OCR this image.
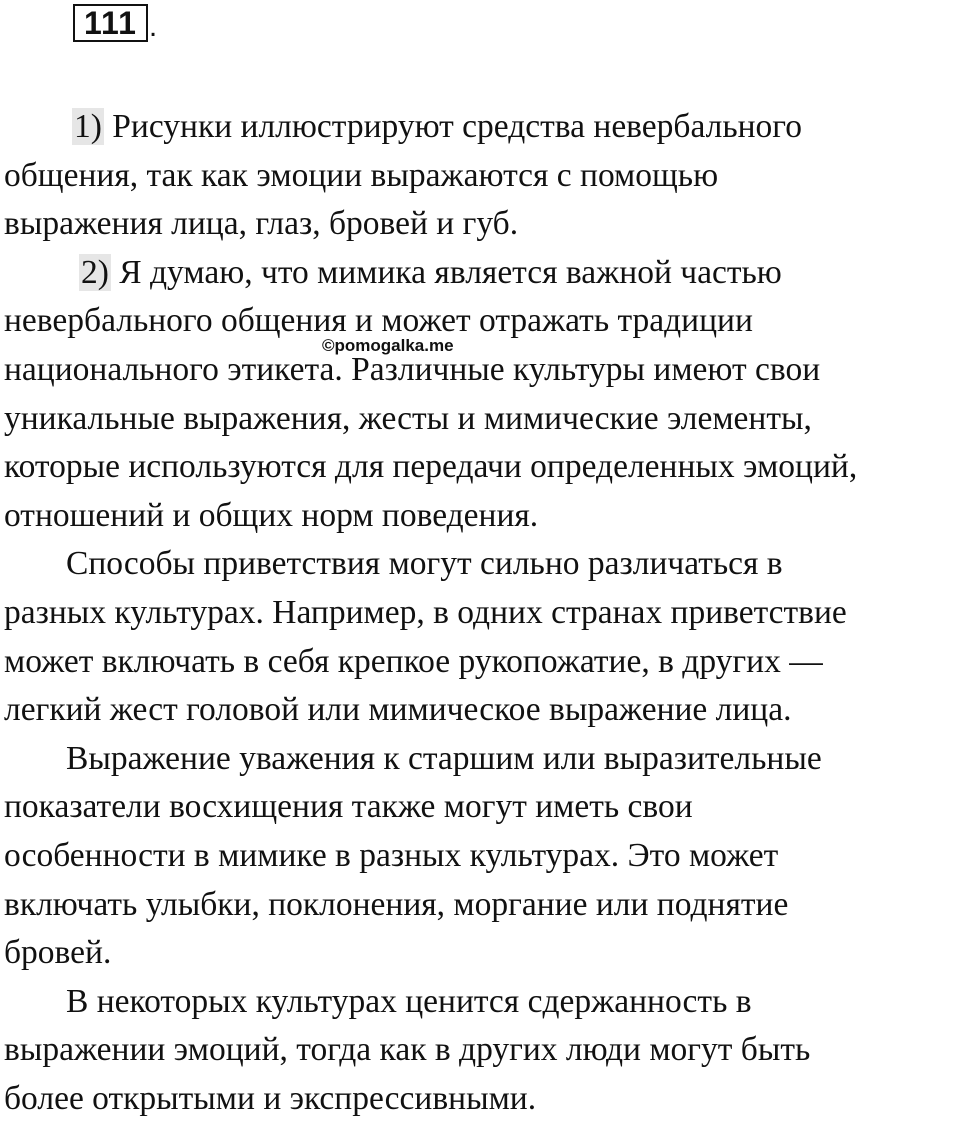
111 .

1) Рисунки иллюстрируют средства невербального
общения, так как эмоции выражаются с помощью
выражения лица, глаз, бровей и губ.

2) Я думаю, что мимика является важной частью
невербального общения и может отражать традиции
национального этикета. Различные культуры имеют свои
уникальные выражения, жесты и мимические элементы,
которые используются для передачи определенных эмоций,
отношений и общих норм поведения.

Способы приветствия могут сильно различаться в
разных культурах. Например, в одних странах приветствие
может включать в себя крепкое рукопожатие, в других —
легкий жест головой или мимическое выражение лица.

Выражение уважения к старшим или выразительные
показатели восхищения также могут иметь свои
особенности в мимике в разных культурах. Это может
включать улыбки, поклонения, моргание или поднятие
бровей.

В некоторых культурах ценится сдержанность в
выражении эмоций, тогда как в других люди могут быть
более открытыми и экспрессивными.

©pomogalka.me
